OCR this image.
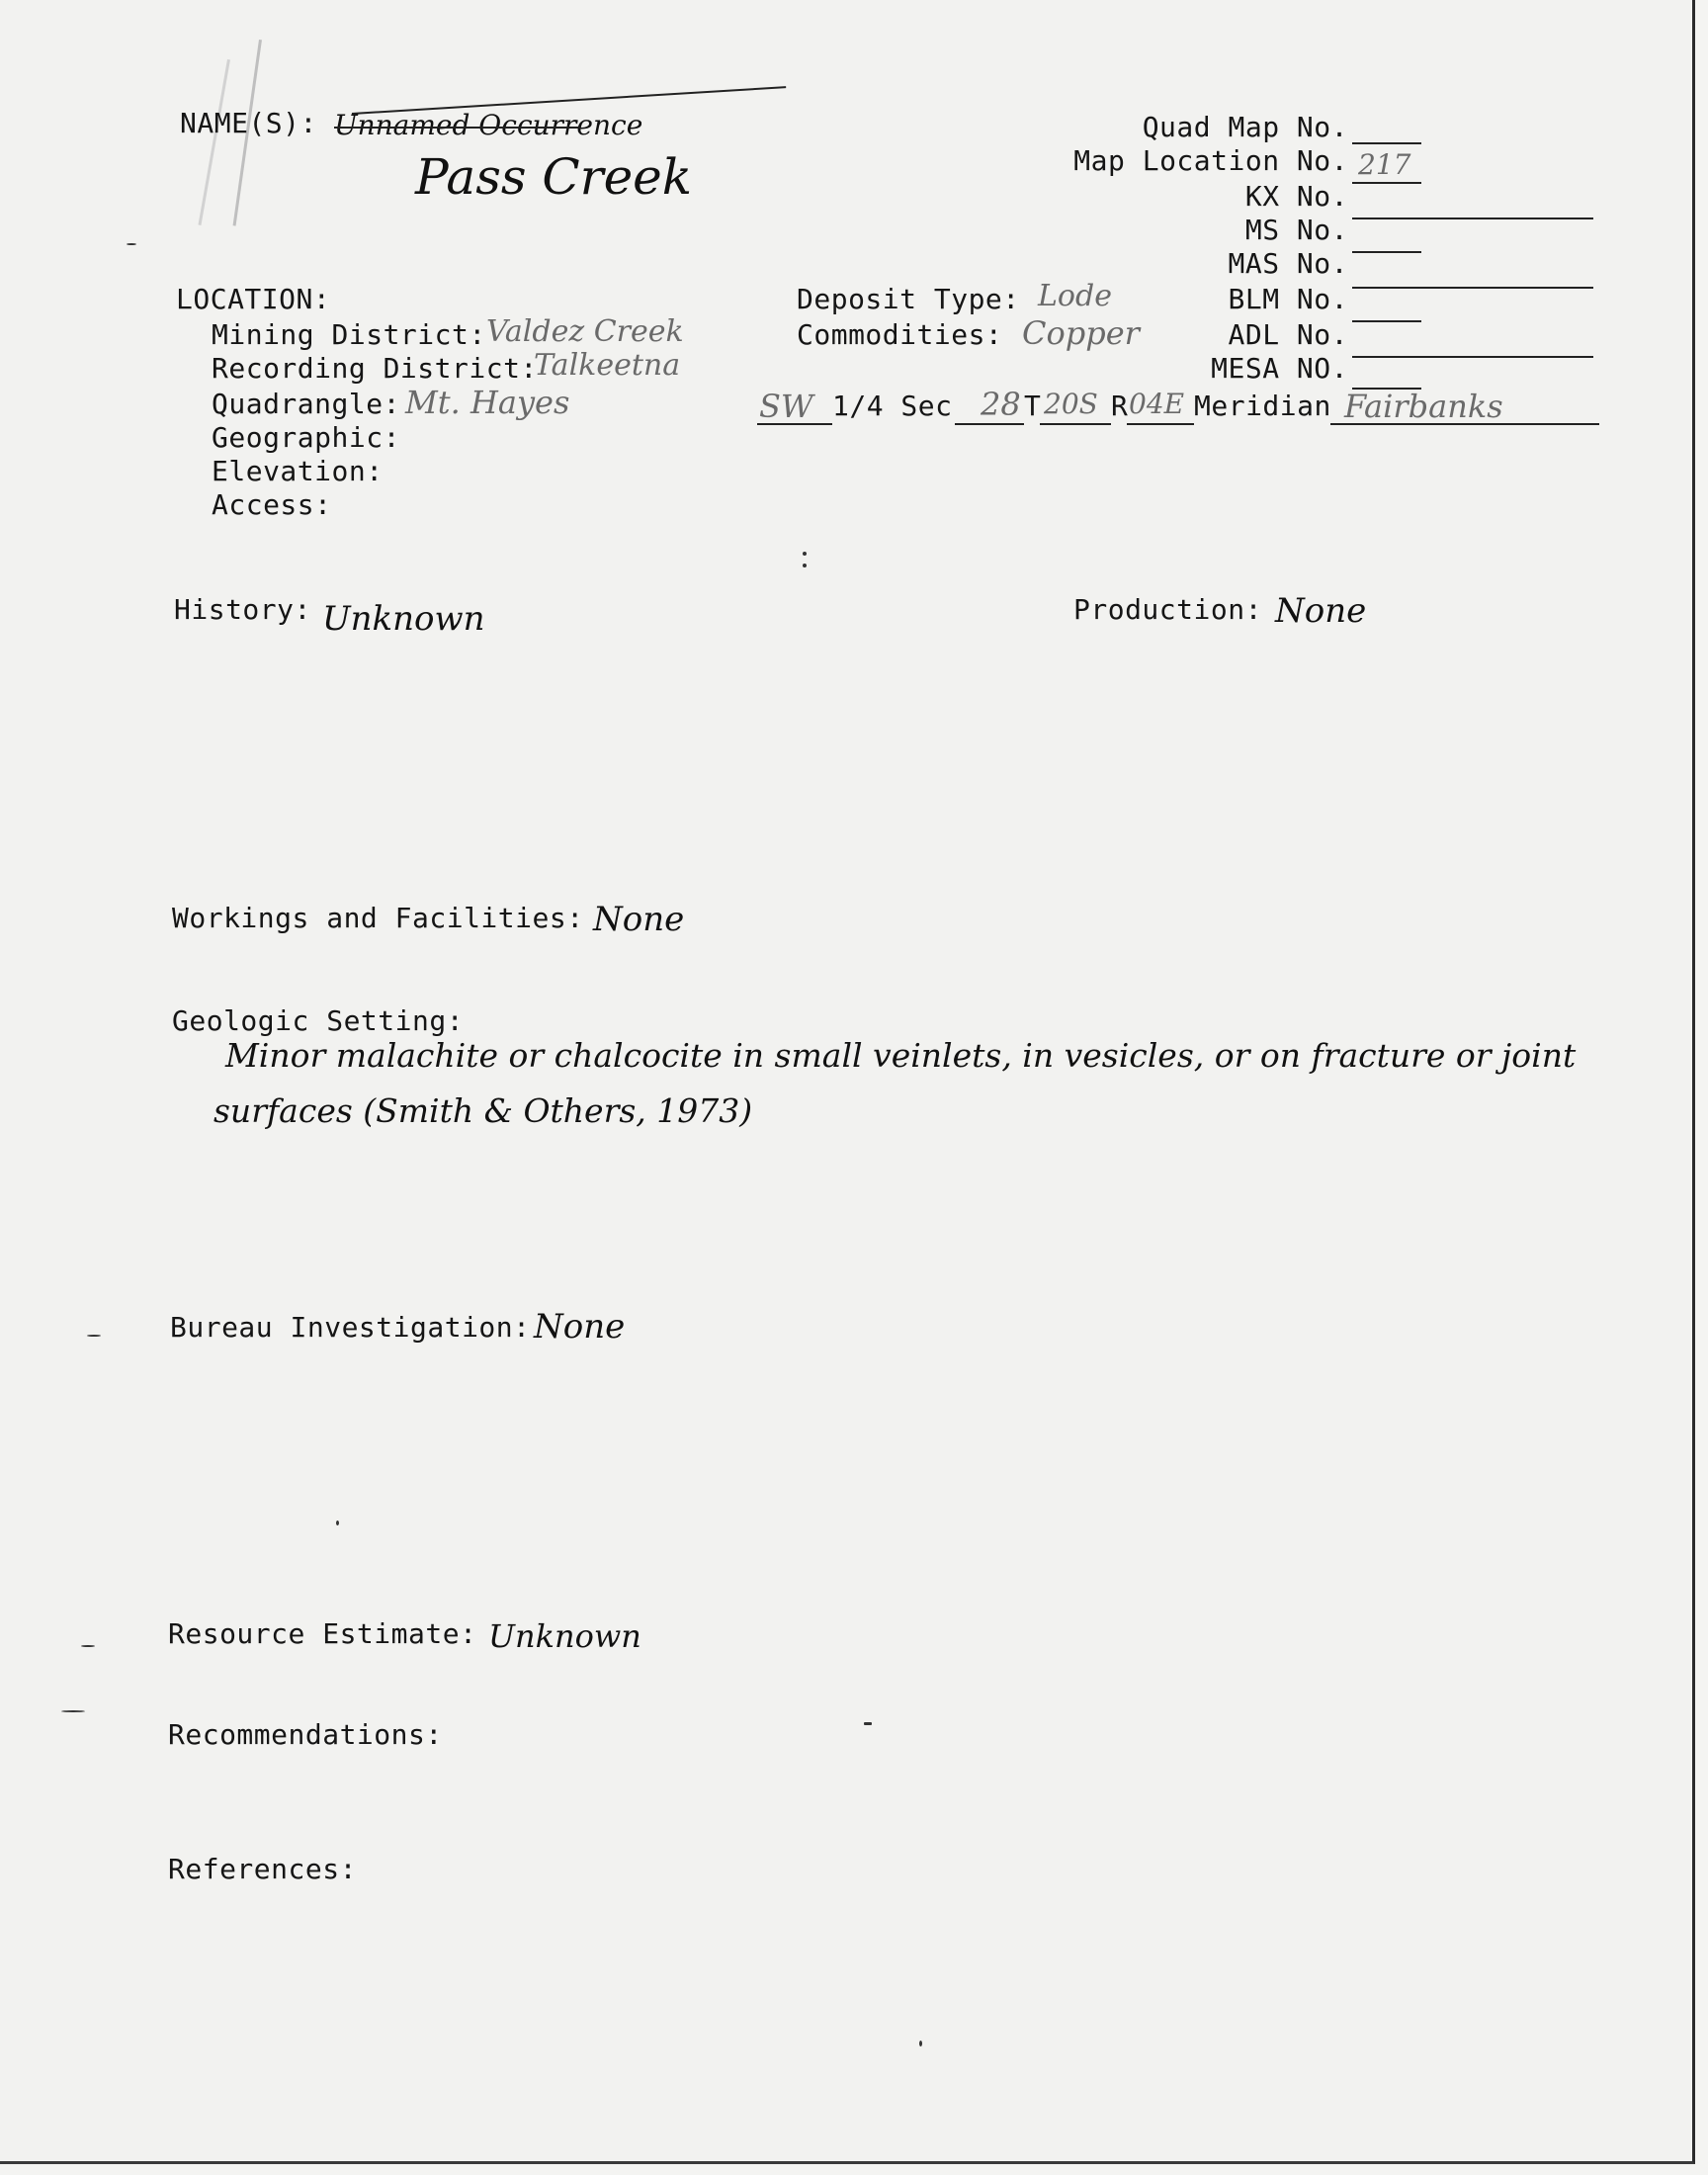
NAME(S): Unnamed Occurrence
Pass Creek
Quad Map No.
Map Location No. 217
KX No.
MS No.
MAS No.
BLM No.
ADL No.
MESA NO.
LOCATION:
Mining District: Valdez Creek
Recording District:
Talkeetna
Quadrangle: Mt. Hayes
Geographic:
Elevation:
Access:
Deposit Type: Lode
Commodities: Copper
SW 1/4 Sec 28 T 20S R 04E Meridian Fairbanks
History: Unknown	Production: None
Workings and Facilities: None
Geologic Setting:
Minor malachite or chalcocite in small veinlets, in vesicles, or on fracture or joint
surfaces (Smith & Others, 1973)
Bureau Investigation: None
Resource Estimate: Unknown
Recommendations:
References:
